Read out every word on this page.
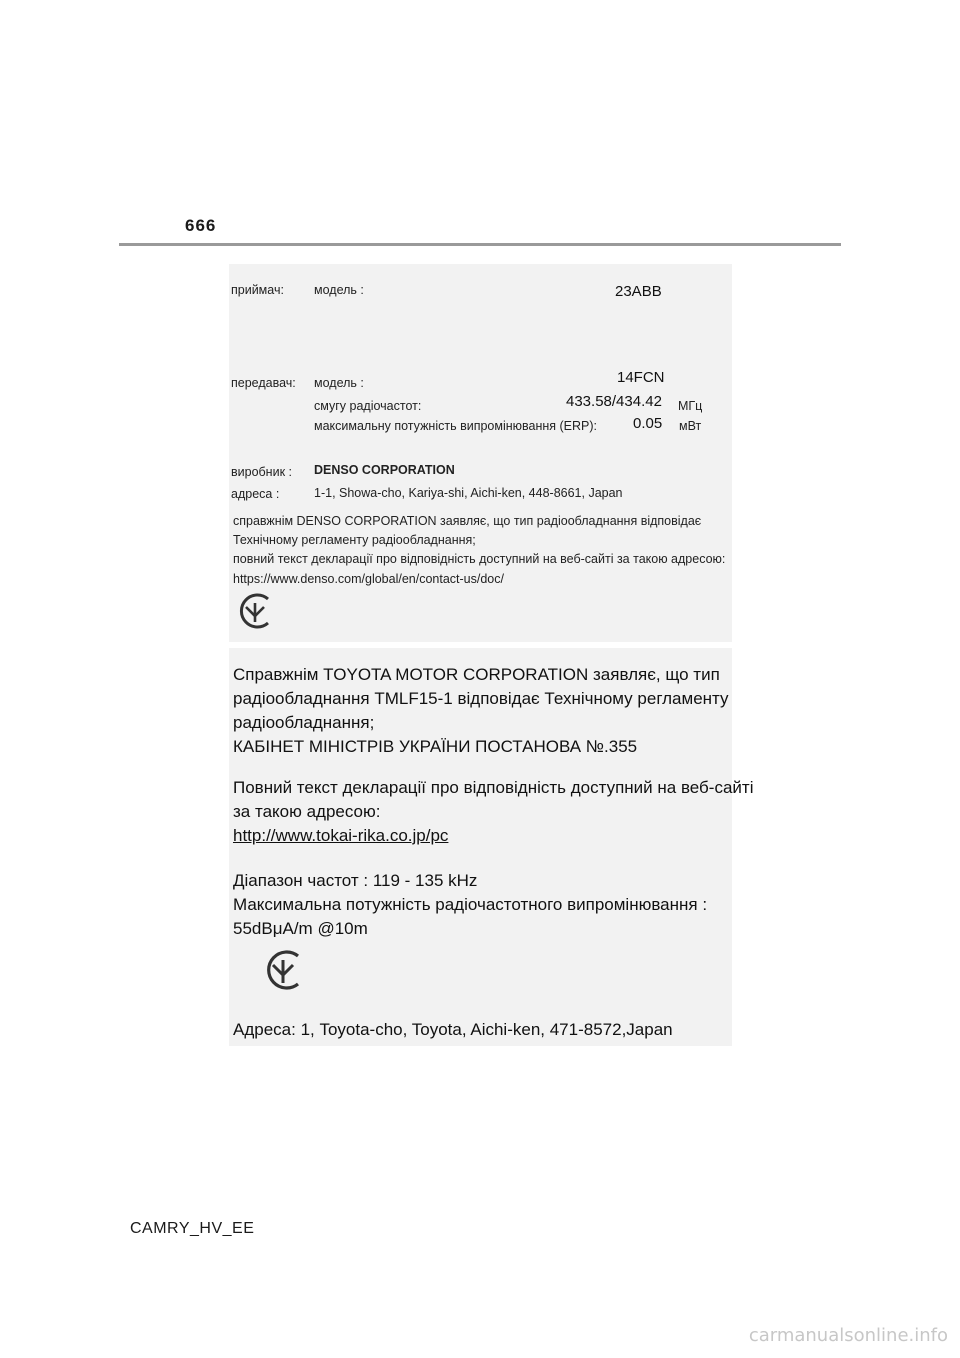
666
приймач: модель :	23ABB
передавач: модель :	14FCN
смугу радіочастот:	433.58/434.42 МГц
максимальну потужність випромінювання (ERP): 0.05 мВт
виробник : DENSO CORPORATION
адреса :	1-1, Showa-cho, Kariya-shi, Aichi-ken, 448-8661, Japan
справжнім DENSO CORPORATION заявляє, що тип радіообладнання відповідає
Технічному регламенту радіообладнання;
повний текст декларації про відповідність доступний на веб-сайті за такою адресою:
https://www.denso.com/global/en/contact-us/doc/
Справжнім TOYOTA MOTOR CORPORATION заявляє, що тип
радіообладнання TMLF15-1 відповідає Технічному регламенту
радіообладнання;
КАБІНЕТ МІНІСТРІВ УКРАЇНИ ПОСТАНОВА №.355
Повний текст декларації про відповідність доступний на веб-сайті
за такою адресою:
http://www.tokai-rika.co.jp/pc
Діапазон частот : 119 - 135 kHz
Максимальна потужність радіочастотного випромінювання :
55dBμA/m @10m
Адреса: 1, Toyota-cho, Toyota, Aichi-ken, 471-8572,Japan
CAMRY_HV_EE
carmanualsonline.info
